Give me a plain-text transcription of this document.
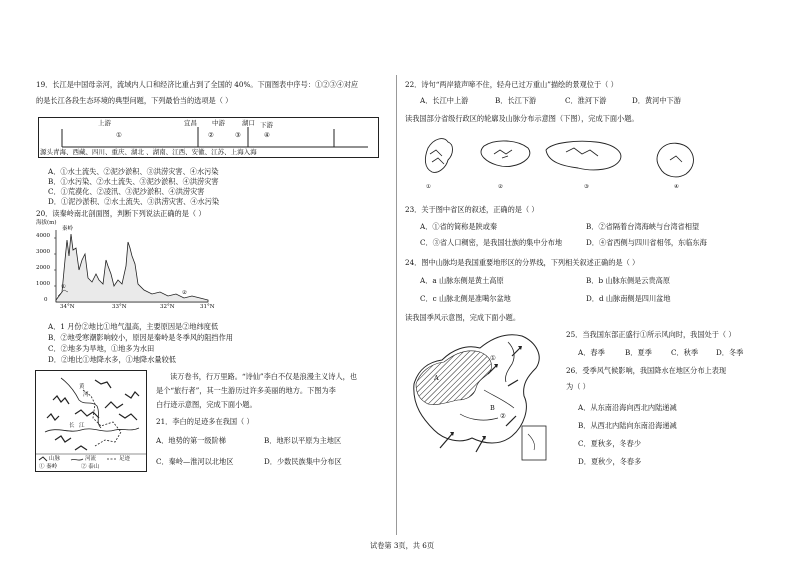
19．长江是中国母亲河，流域内人口和经济比重占到了全国的 40%。下面图表中序号：①②③④对应
的是长江各段生态环境的典型问题，下列最恰当的选项是（ ）
上游	宜昌 中游	湖口 下游
①	②	③	④
源头青海、西藏、四川、重庆、湖北 、湖南、江西、安徽、江苏、上海入海
A．①水土流失、②泥沙淤积、③洪涝灾害、④水污染
B．①水污染、②水土流失、③泥沙淤积、④洪涝灾害
C．①荒漠化、②凌汛、③泥沙淤积、④洪涝灾害
D．①泥沙淤积、②水土流失、③洪涝灾害、④水污染
20．读秦岭南北剖面图，判断下列说法正确的是（ ）
海拔(m)
秦岭
4000
3000
2000
1000
0
①
②
34°N	33°N	32°N	31°N
A．1 月份②地比①地气温高，主要原因是②地纬度低
B．②地受寒潮影响较小，原因是秦岭是冬季风的阻挡作用
C．②地多为旱地，①地多为水田
D．②地比①地降水多，①地降水量较低
黄
河
长 江
山脉	河流	足迹
① 秦岭	② 泰山
读万卷书，行万里路。“诗仙”李白不仅是浪漫主义诗人，也
是个“旅行者”，其一生游历过许多美丽的地方。下图为李
白行迹示意图，完成下面小题。
21．李白的足迹多在我国（ ）
A．地势的第一级阶梯	B．地形以平原为主地区
C．秦岭—淮河以北地区	D．少数民族集中分布区
22．诗句“两岸猿声啼不住，轻舟已过万重山”描绘的景观位于（ ）
A．长江中上游	B．长江下游	C．淮河下游	D．黄河中下游
读我国部分省级行政区的轮廓及山脉分布示意图（下图），完成下面小题。
①	②	③	④
23．关于图中省区的叙述，正确的是（ ）
A．①省的简称是陕或秦	B．②省隔着台湾海峡与台湾省相望
C．③省人口稠密，是我国壮族的集中分布地	D．④省西侧与四川省相邻，东临东海
24．图中山脉均是我国重要地形区的分界线，下列相关叙述正确的是（ ）
A．a 山脉东侧是黄土高原	B．b 山脉东侧是云贵高原
C．c 山脉北侧是准噶尔盆地	D．d 山脉南侧是四川盆地
读我国季风示意图，完成下面小题。
A
B
①
②
25．当我国东部正盛行①所示风向时，我国处于（ ）
A．春季	B．夏季	C．秋季 D．冬季
26．受季风气候影响，我国降水在地区分布上表现
为（ ）
A．从东南沿海向西北内陆递减
B．从西北内陆向东南沿海递减
C．夏秋多，冬春少
D．夏秋少，冬春多
试卷第 3页，共 6页
